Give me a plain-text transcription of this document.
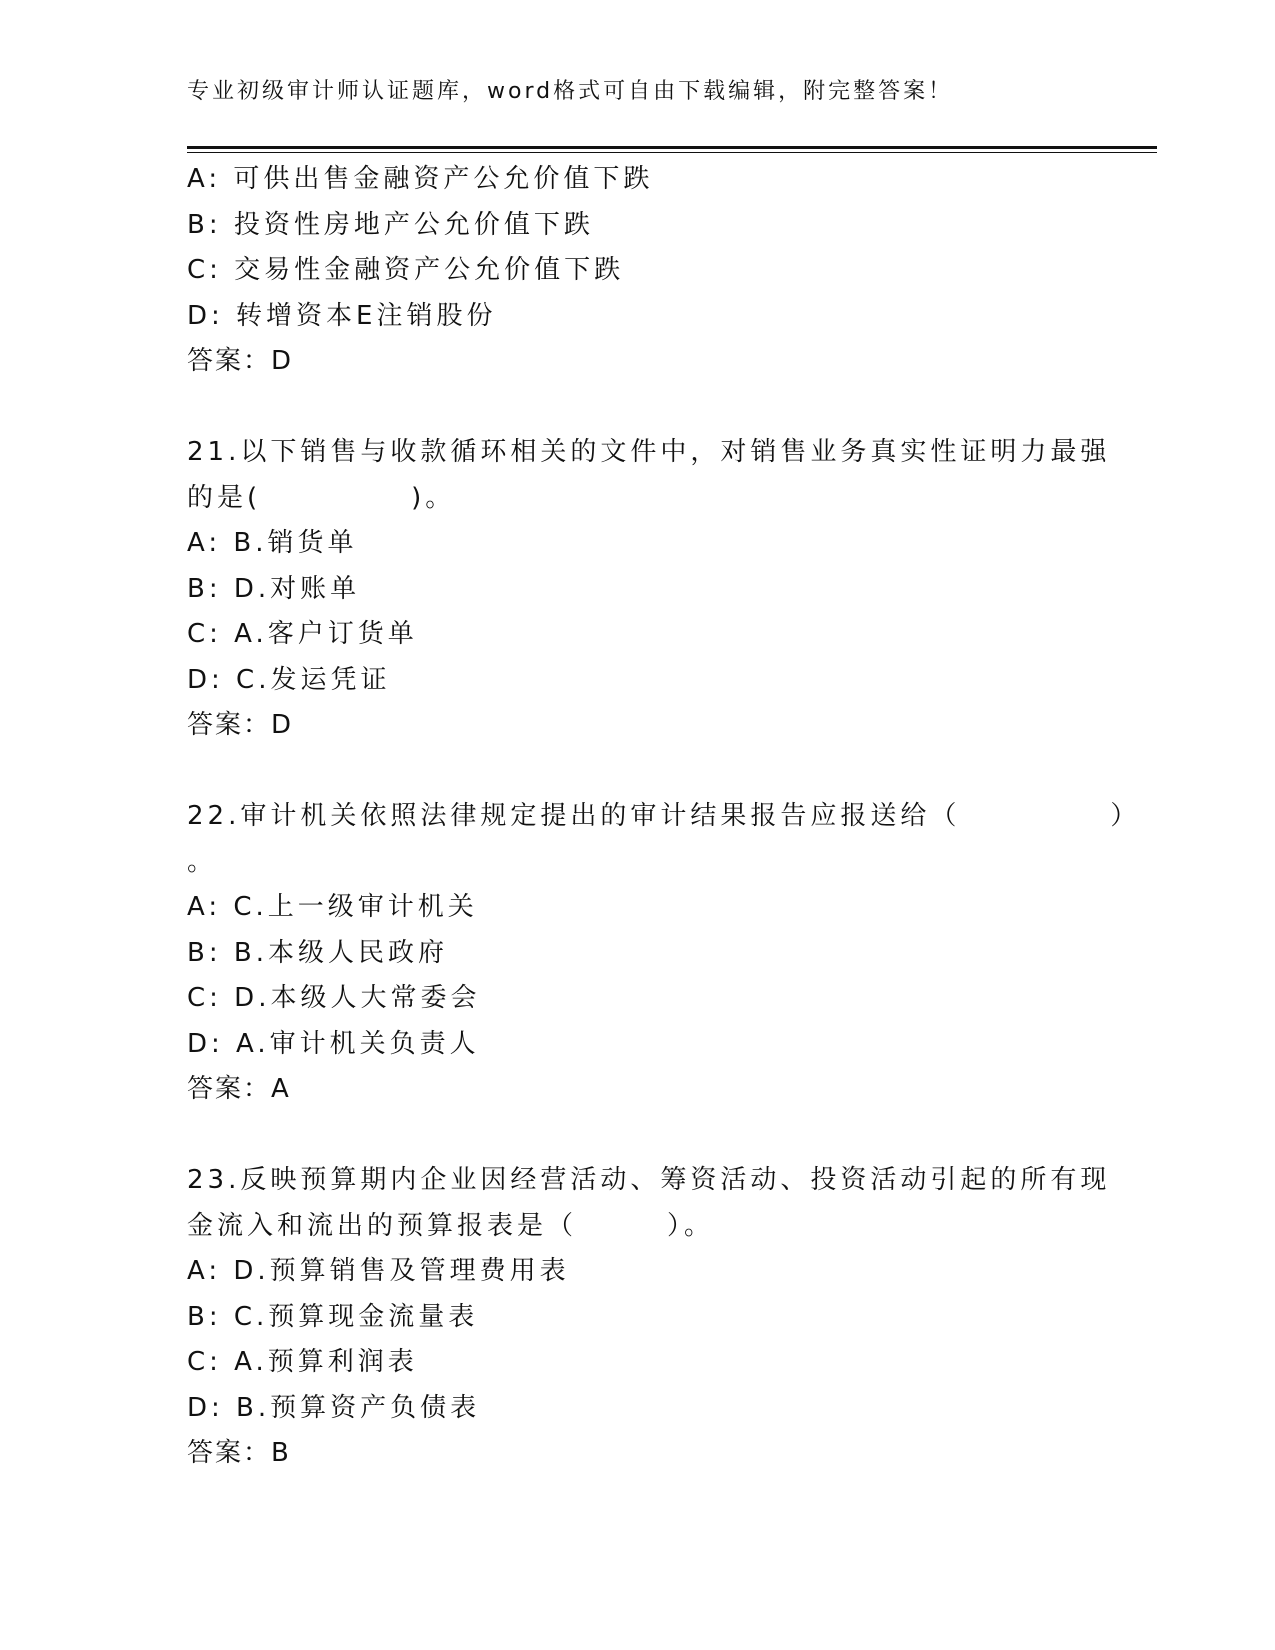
专业初级审计师认证题库，word格式可自由下载编辑，附完整答案！
A: 可供出售金融资产公允价值下跌
B: 投资性房地产公允价值下跌
C: 交易性金融资产公允价值下跌
D: 转增资本E注销股份
答案：D
21.以下销售与收款循环相关的文件中，对销售业务真实性证明力最强
的是(　　　　　)。
A: B.销货单
B: D.对账单
C: A.客户订货单
D: C.发运凭证
答案：D
22.审计机关依照法律规定提出的审计结果报告应报送给（　　　　　）
。
A: C.上一级审计机关
B: B.本级人民政府
C: D.本级人大常委会
D: A.审计机关负责人
答案：A
23.反映预算期内企业因经营活动、筹资活动、投资活动引起的所有现
金流入和流出的预算报表是（　　　）。
A: D.预算销售及管理费用表
B: C.预算现金流量表
C: A.预算利润表
D: B.预算资产负债表
答案：B
